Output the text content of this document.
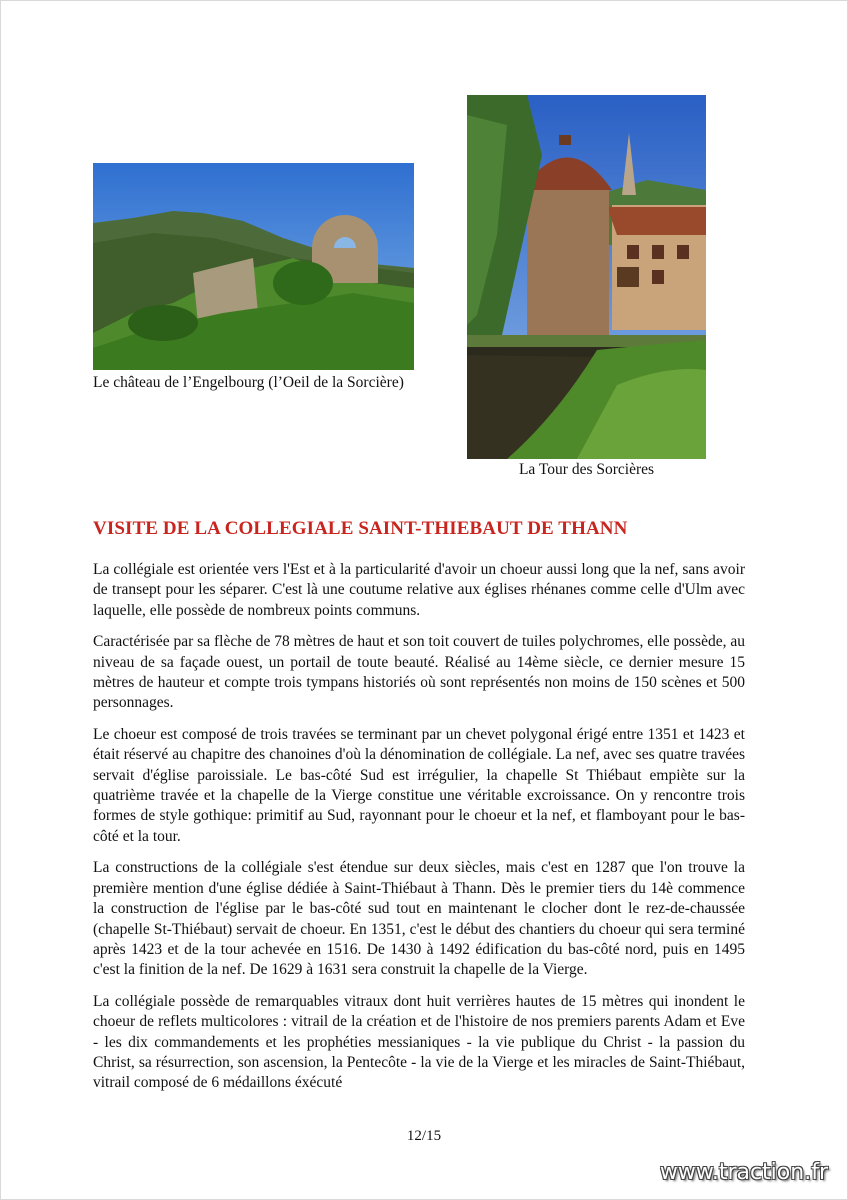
Le château de l’Engelbourg (l’Oeil de la Sorcière)
La Tour des Sorcières
VISITE DE LA COLLEGIALE SAINT-THIEBAUT DE THANN

La collégiale est orientée vers l'Est et à la particularité d'avoir un choeur aussi long que la nef, sans avoir de transept pour les séparer. C'est là une coutume relative aux églises rhénanes comme celle d'Ulm avec laquelle, elle possède de nombreux points communs.

Caractérisée par sa flèche de 78 mètres de haut et son toit couvert de tuiles polychromes, elle possède, au niveau de sa façade ouest, un portail de toute beauté. Réalisé au 14ème siècle, ce dernier mesure 15 mètres de hauteur et compte trois tympans historiés où sont représentés non moins de 150 scènes et 500 personnages.

Le choeur est composé de trois travées se terminant par un chevet polygonal érigé entre 1351 et 1423 et était réservé au chapitre des chanoines d'où la dénomination de collégiale. La nef, avec ses quatre travées servait d'église paroissiale. Le bas-côté Sud est irrégulier, la chapelle St Thiébaut empiète sur la quatrième travée et la chapelle de la Vierge constitue une véritable excroissance. On y rencontre trois formes de style gothique: primitif au Sud, rayonnant pour le choeur et la nef, et flamboyant pour le bas-côté et la tour.

La constructions de la collégiale s'est étendue sur deux siècles, mais c'est en 1287 que l'on trouve la première mention d'une église dédiée à Saint-Thiébaut à Thann. Dès le premier tiers du 14è commence la construction de l'église par le bas-côté sud tout en maintenant le clocher dont le rez-de-chaussée (chapelle St-Thiébaut) servait de choeur. En 1351, c'est le début des chantiers du choeur qui sera terminé après 1423 et de la tour achevée en 1516. De 1430 à 1492 édification du bas-côté nord, puis en 1495 c'est la finition de la nef. De 1629 à 1631 sera construit la chapelle de la Vierge.

La collégiale possède de remarquables vitraux dont huit verrières hautes de 15 mètres qui inondent le choeur de reflets multicolores : vitrail de la création et de l'histoire de nos premiers parents Adam et Eve - les dix commandements et les prophéties messianiques - la vie publique du Christ - la passion du Christ, sa résurrection, son ascension, la Pentecôte - la vie de la Vierge et les miracles de Saint-Thiébaut, vitrail composé de 6 médaillons éxécuté

12/15
www.traction.fr
